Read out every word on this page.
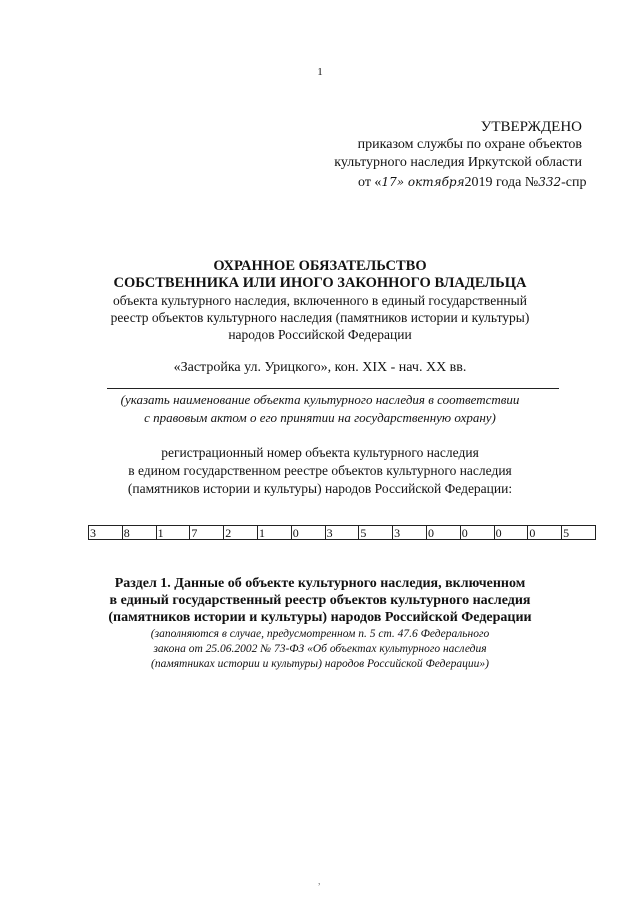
1
УТВЕРЖДЕНО
приказом службы по охране объектов
культурного наследия Иркутской области
от «17» октября2019 года №332-спр
ОХРАННОЕ ОБЯЗАТЕЛЬСТВО
СОБСТВЕННИКА ИЛИ ИНОГО ЗАКОННОГО ВЛАДЕЛЬЦА
объекта культурного наследия, включенного в единый государственный
реестр объектов культурного наследия (памятников истории и культуры)
народов Российской Федерации
«Застройка ул. Урицкого», кон. XIX - нач. XX вв.
(указать наименование объекта культурного наследия в соответствии
с правовым актом о его принятии на государственную охрану)
регистрационный номер объекта культурного наследия
в едином государственном реестре объектов культурного наследия
(памятников истории и культуры) народов Российской Федерации:
3	8	1	7	2	1	0	3	5	3	0	0	0	0	5
Раздел 1. Данные об объекте культурного наследия, включенном
в единый государственный реестр объектов культурного наследия
(памятников истории и культуры) народов Российской Федерации
(заполняются в случае, предусмотренном п. 5 ст. 47.6 Федерального
закона от 25.06.2002 № 73-ФЗ «Об объектах культурного наследия
(памятниках истории и культуры) народов Российской Федерации»)
,
